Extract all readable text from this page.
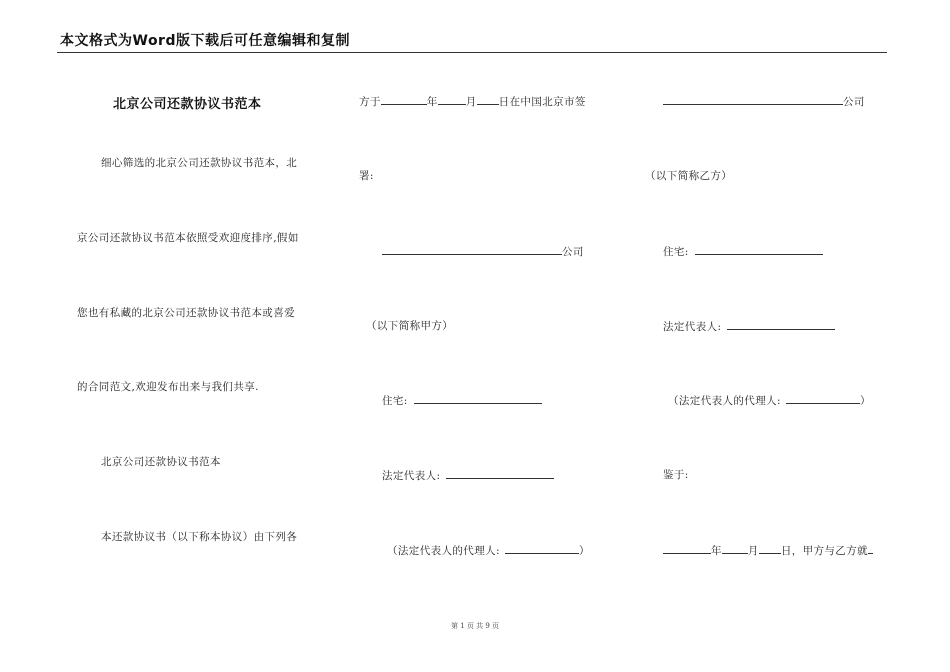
本文格式为Word版下载后可任意编辑和复制
北京公司还款协议书范本
细心筛选的北京公司还款协议书范本，北
京公司还款协议书范本依照受欢迎度排序,假如
您也有私藏的北京公司还款协议书范本或喜爱
的合同范文,欢迎发布出来与我们共享.
北京公司还款协议书范本
本还款协议书（以下称本协议）由下列各
方于	年	月 日在中国北京市签
署:
公司
（以下简称甲方）
住宅:
法定代表人:
（法定代表人的代理人:	）
公司
（以下简称乙方）
住宅:
法定代表人:
（法定代表人的代理人:	）
鉴于:
年 月 日，甲方与乙方就
第 1 页 共 9 页
